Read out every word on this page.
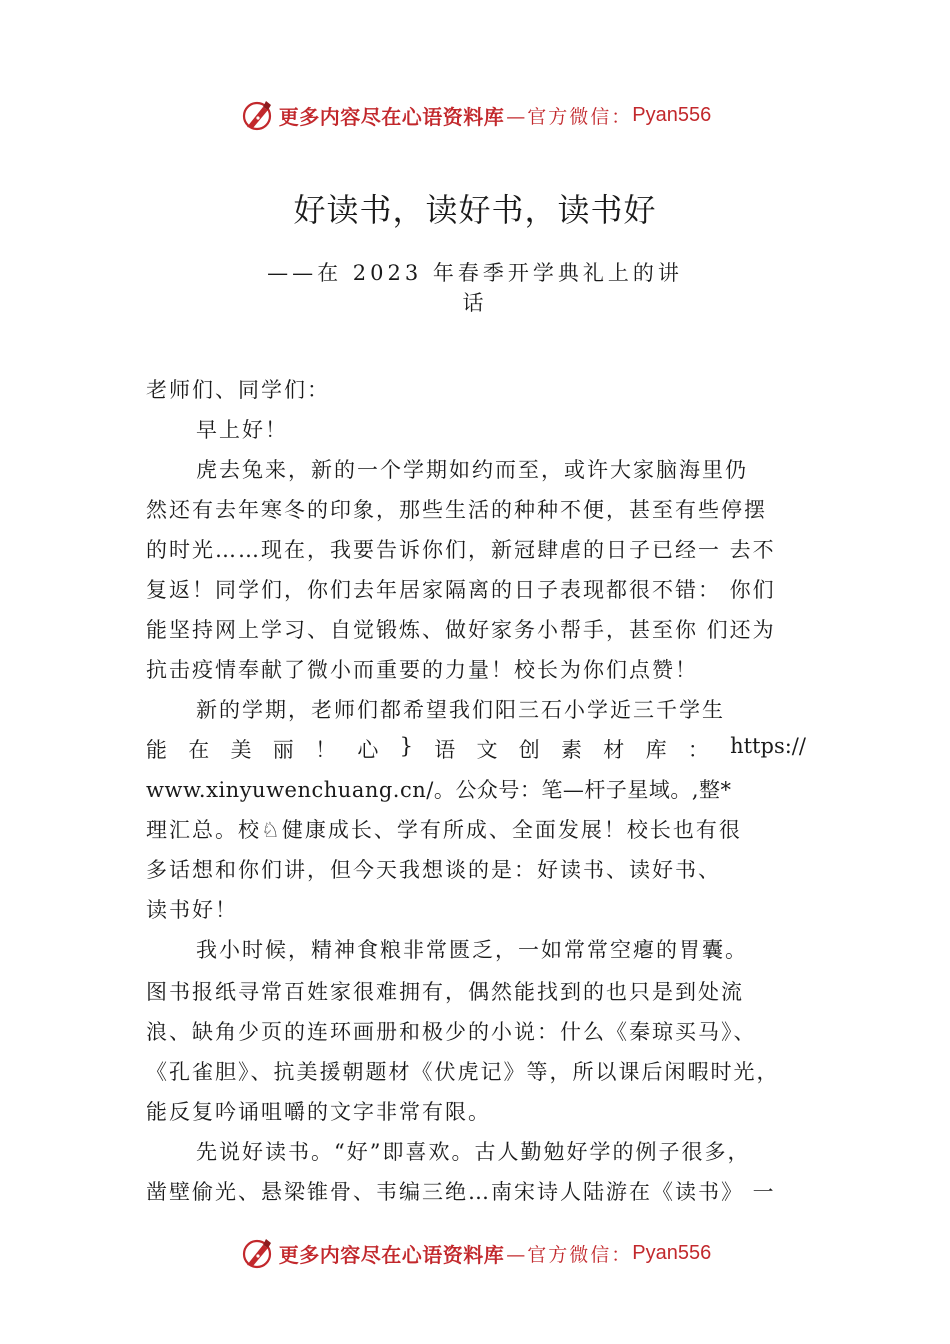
更多内容尽在心语资料库 —官方微信： Pyan556
好读书，读好书，读书好
——在 2023 年春季开学典礼上的讲
话
老师们、同学们：
早上好！
虎去兔来，新的一个学期如约而至，或许大家脑海里仍
然还有去年寒冬的印象，那些生活的种种不便，甚至有些停摆
的时光……现在，我要告诉你们，新冠肆虐的日子已经一 去不
复返！同学们，你们去年居家隔离的日子表现都很不错： 你们
能坚持网上学习、自觉锻炼、做好家务小帮手，甚至你 们还为
抗击疫情奉献了微小而重要的力量！校长为你们点赞！
新的学期，老师们都希望我们阳三石小学近三千学生
能 在 美 丽 ！ 心 } 语 文 创 素 材 库 ： https://
www.xinyuwenchuang.cn/。公众号：笔—杆子星域。,整*
理汇总。校♘健康成长、学有所成、全面发展！校长也有很
多话想和你们讲，但今天我想谈的是：好读书、读好书、
读书好！
我小时候，精神食粮非常匮乏，一如常常空瘪的胃囊。
图书报纸寻常百姓家很难拥有，偶然能找到的也只是到处流
浪、缺角少页的连环画册和极少的小说：什么《秦琼买马》、
《孔雀胆》、抗美援朝题材《伏虎记》等，所以课后闲暇时光，
能反复吟诵咀嚼的文字非常有限。
先说好读书。“好”即喜欢。古人勤勉好学的例子很多，
凿壁偷光、悬梁锥骨、韦编三绝…南宋诗人陆游在《读书》 一
更多内容尽在心语资料库 —官方微信： Pyan556
